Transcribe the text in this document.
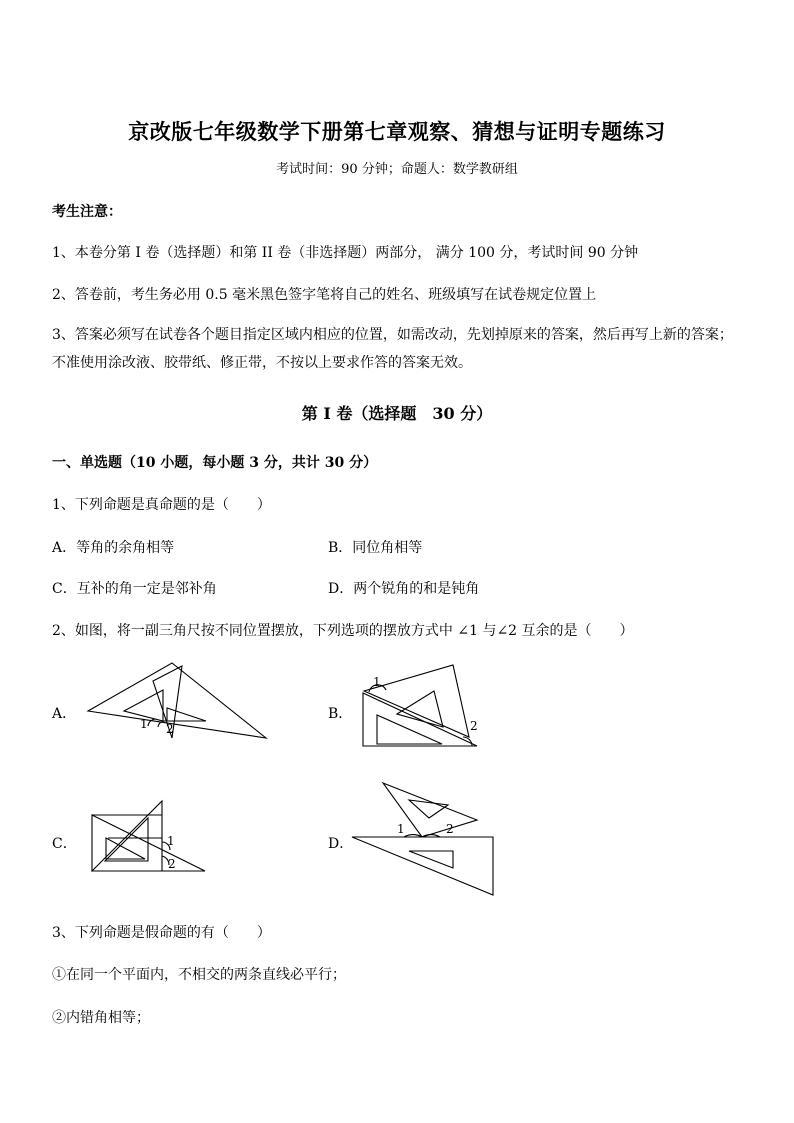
京改版七年级数学下册第七章观察、猜想与证明专题练习
考试时间：90 分钟；命题人：数学教研组
考生注意：
1、本卷分第 I 卷（选择题）和第 II 卷（非选择题）两部分， 满分 100 分，考试时间 90 分钟
2、答卷前，考生务必用 0.5 毫米黑色签字笔将自己的姓名、班级填写在试卷规定位置上
3、答案必须写在试卷各个题目指定区域内相应的位置，如需改动，先划掉原来的答案，然后再写上新的答案；不准使用涂改液、胶带纸、修正带，不按以上要求作答的答案无效。
第 I 卷（选择题　30 分）
一、单选题（10 小题，每小题 3 分，共计 30 分）
1、下列命题是真命题的是（　　）
A．等角的余角相等	B．同位角相等
C．互补的角一定是邻补角	D．两个锐角的和是钝角
2、如图，将一副三角尺按不同位置摆放，下列选项的摆放方式中 ∠1 与∠2 互余的是（　　）
A．
1 2
B．
1
2
C．	1
2
D．
1	2
3、下列命题是假命题的有（　　）
①在同一个平面内，不相交的两条直线必平行；
②内错角相等；
